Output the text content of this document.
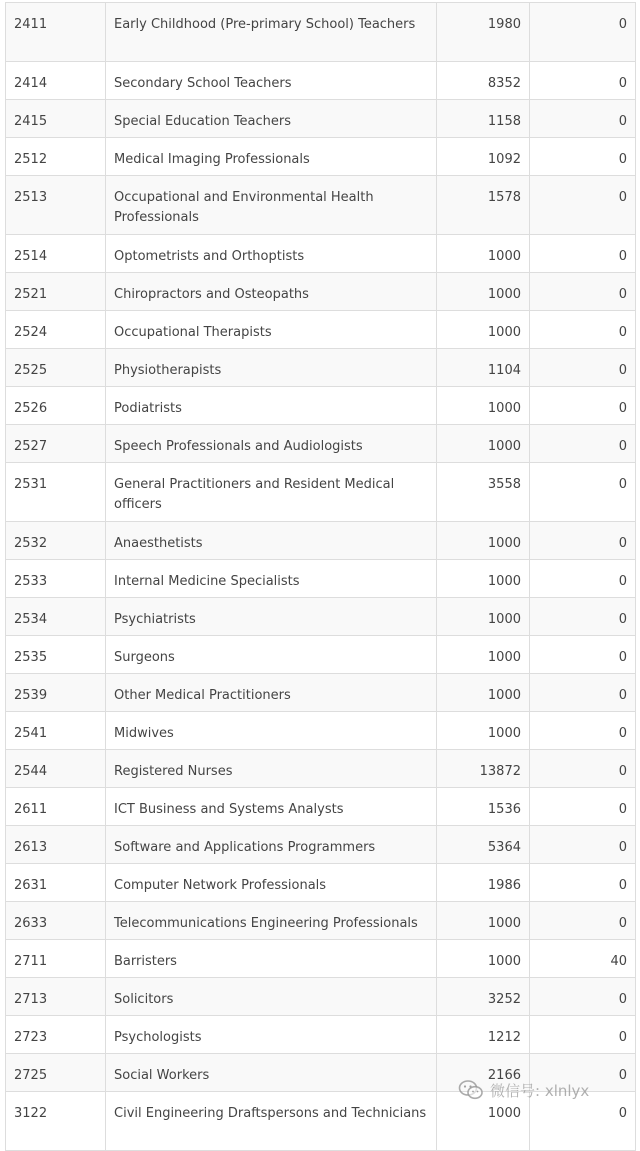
2411	Early Childhood (Pre-primary School) Teachers	1980	0
2414	Secondary School Teachers	8352	0
2415	Special Education Teachers	1158	0
2512	Medical Imaging Professionals	1092	0
2513	Occupational and Environmental Health Professionals	1578	0
2514	Optometrists and Orthoptists	1000	0
2521	Chiropractors and Osteopaths	1000	0
2524	Occupational Therapists	1000	0
2525	Physiotherapists	1104	0
2526	Podiatrists	1000	0
2527	Speech Professionals and Audiologists	1000	0
2531	General Practitioners and Resident Medical officers	3558	0
2532	Anaesthetists	1000	0
2533	Internal Medicine Specialists	1000	0
2534	Psychiatrists	1000	0
2535	Surgeons	1000	0
2539	Other Medical Practitioners	1000	0
2541	Midwives	1000	0
2544	Registered Nurses	13872	0
2611	ICT Business and Systems Analysts	1536	0
2613	Software and Applications Programmers	5364	0
2631	Computer Network Professionals	1986	0
2633	Telecommunications Engineering Professionals	1000	0
2711	Barristers	1000	40
2713	Solicitors	3252	0
2723	Psychologists	1212	0
2725	Social Workers	2166	0
3122	Civil Engineering Draftspersons and Technicians	1000	0
微信号: xlnlyx
